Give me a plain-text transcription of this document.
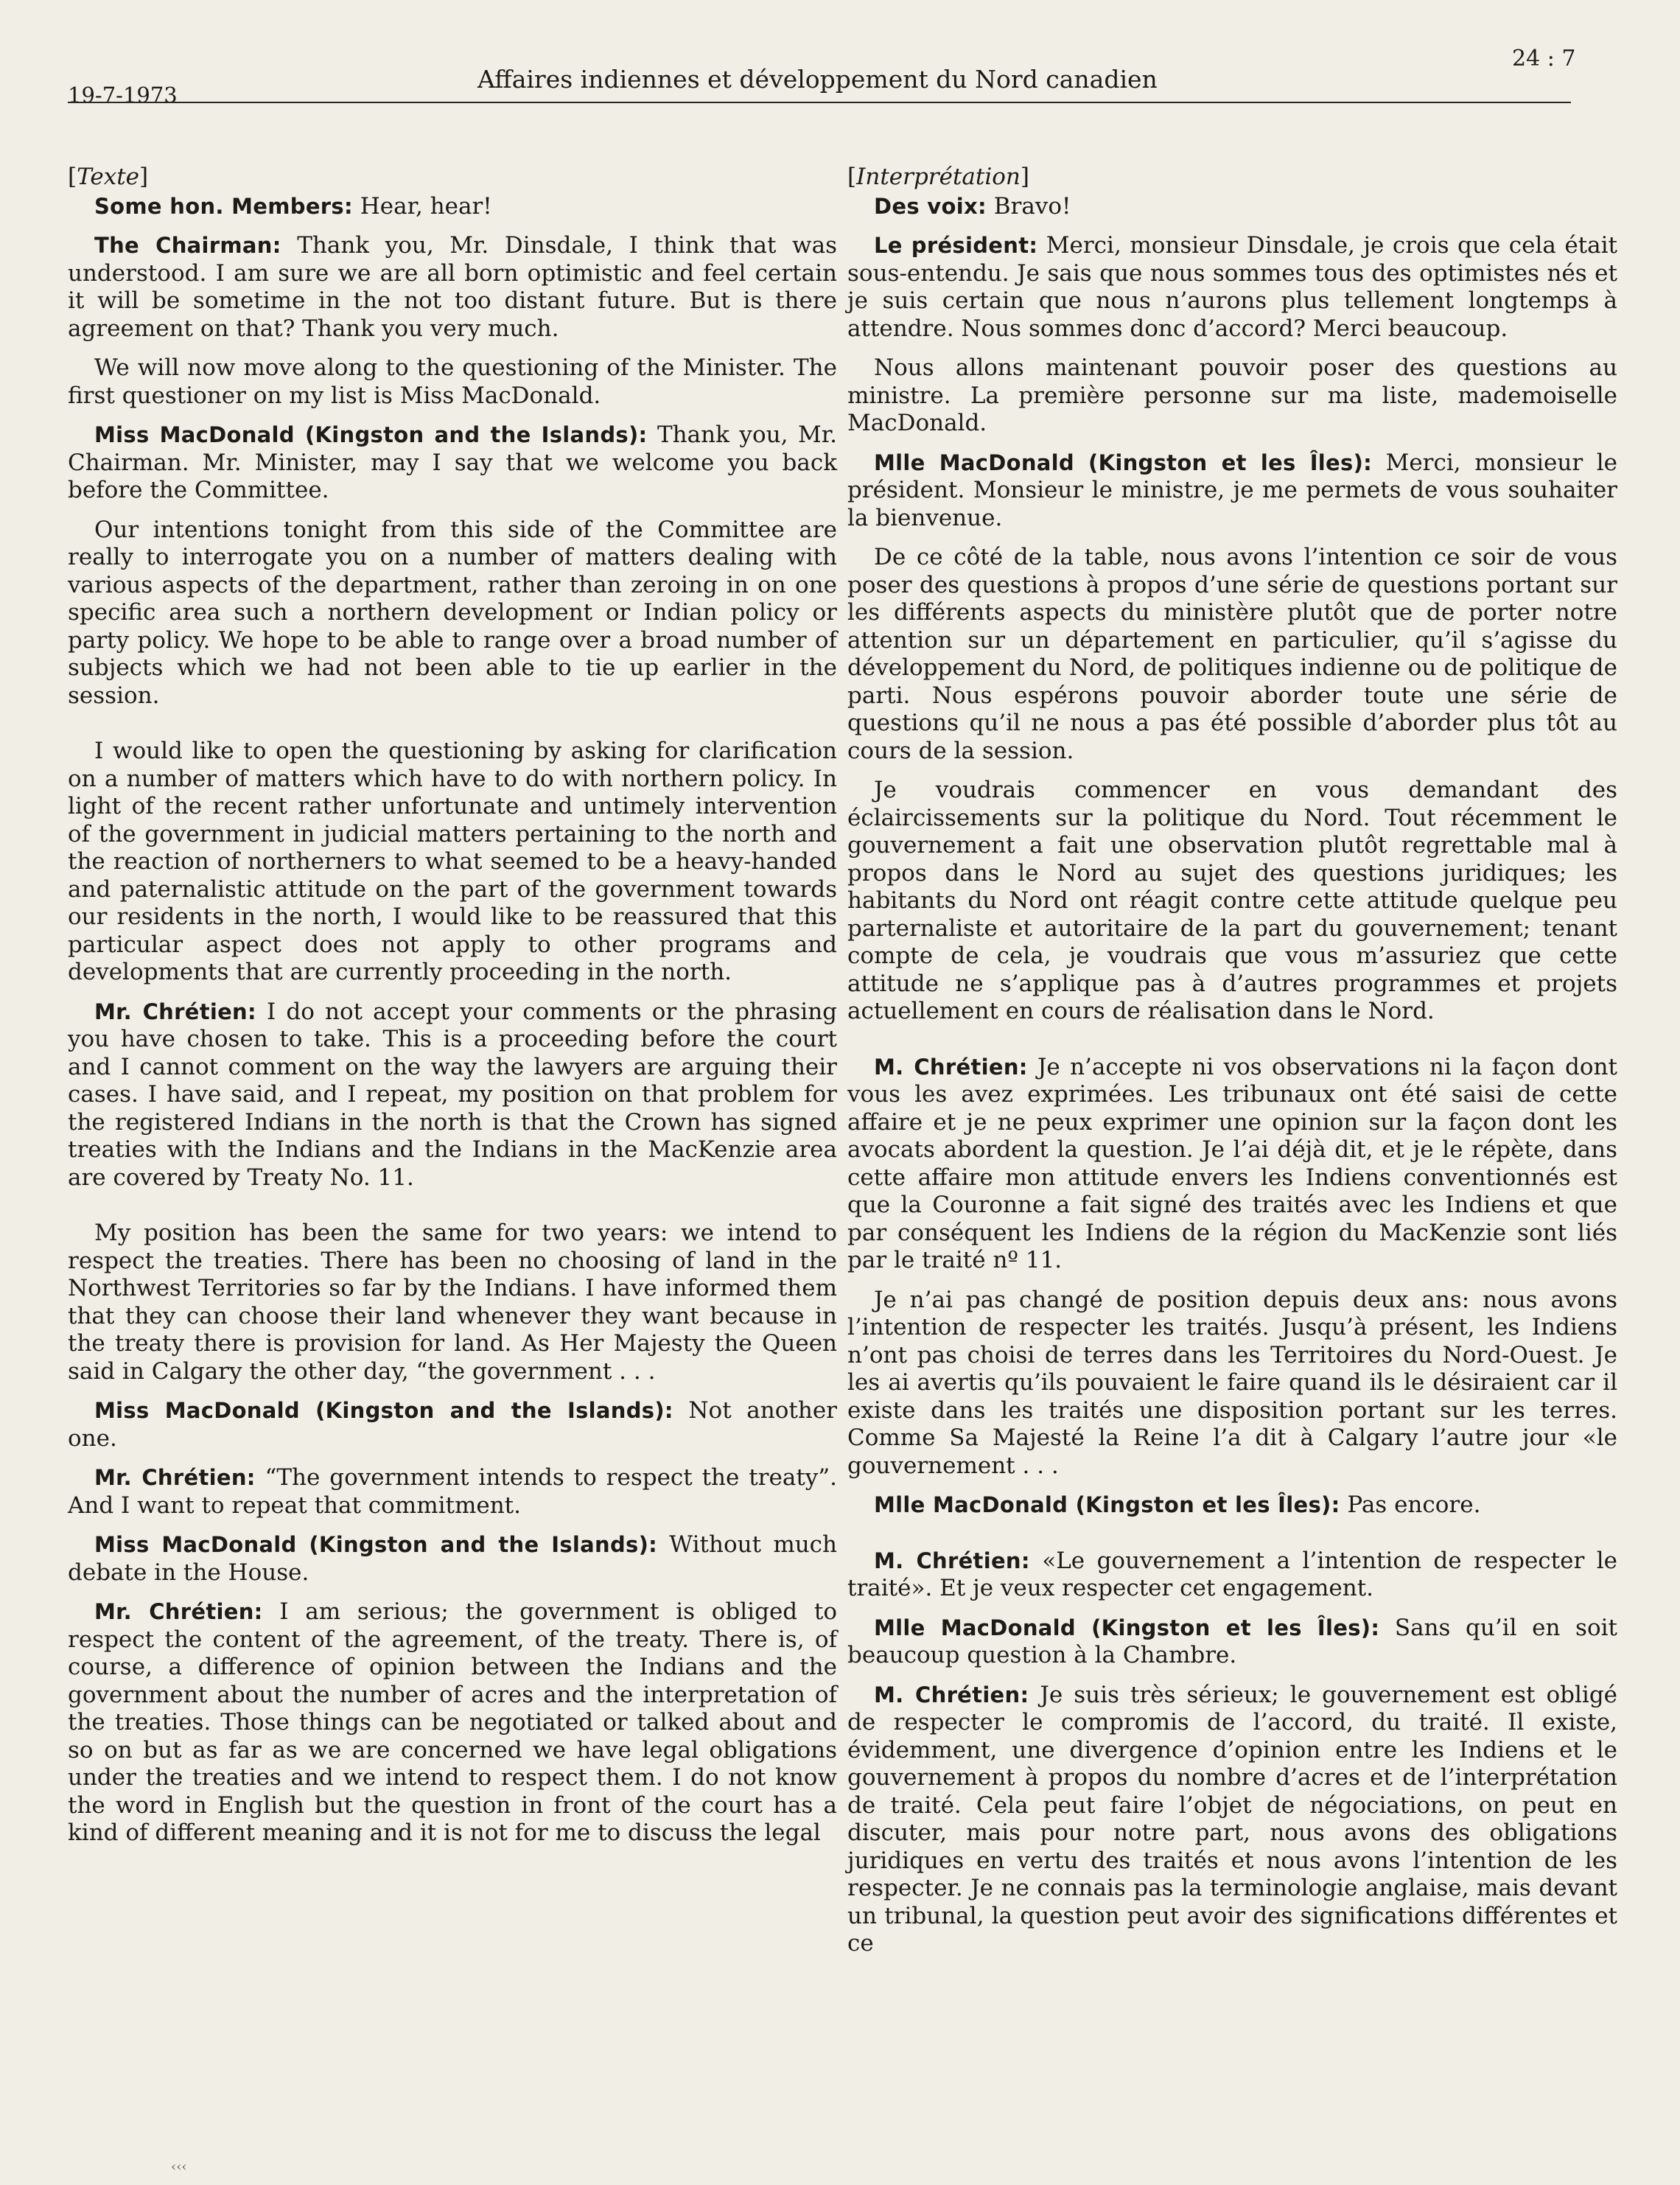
19-7-1973
Affaires indiennes et développement du Nord canadien
24 : 7
[Texte]

Some hon. Members: Hear, hear!

The Chairman: Thank you, Mr. Dinsdale, I think that was understood. I am sure we are all born optimistic and feel certain it will be sometime in the not too distant future. But is there agreement on that? Thank you very much.

We will now move along to the questioning of the Minister. The first questioner on my list is Miss MacDonald.

Miss MacDonald (Kingston and the Islands): Thank you, Mr. Chairman. Mr. Minister, may I say that we welcome you back before the Committee.

Our intentions tonight from this side of the Committee are really to interrogate you on a number of matters dealing with various aspects of the department, rather than zeroing in on one specific area such a northern development or Indian policy or party policy. We hope to be able to range over a broad number of subjects which we had not been able to tie up earlier in the session.

I would like to open the questioning by asking for clarification on a number of matters which have to do with northern policy. In light of the recent rather unfortunate and untimely intervention of the government in judicial matters pertaining to the north and the reaction of northerners to what seemed to be a heavy-handed and paternalistic attitude on the part of the government towards our residents in the north, I would like to be reassured that this particular aspect does not apply to other programs and developments that are currently proceeding in the north.

Mr. Chrétien: I do not accept your comments or the phrasing you have chosen to take. This is a proceeding before the court and I cannot comment on the way the lawyers are arguing their cases. I have said, and I repeat, my position on that problem for the registered Indians in the north is that the Crown has signed treaties with the Indians and the Indians in the MacKenzie area are covered by Treaty No. 11.

My position has been the same for two years: we intend to respect the treaties. There has been no choosing of land in the Northwest Territories so far by the Indians. I have informed them that they can choose their land whenever they want because in the treaty there is provision for land. As Her Majesty the Queen said in Calgary the other day, “the government . . .

Miss MacDonald (Kingston and the Islands): Not another one.

Mr. Chrétien: “The government intends to respect the treaty”. And I want to repeat that commitment.

Miss MacDonald (Kingston and the Islands): Without much debate in the House.

Mr. Chrétien: I am serious; the government is obliged to respect the content of the agreement, of the treaty. There is, of course, a difference of opinion between the Indians and the government about the number of acres and the interpretation of the treaties. Those things can be negotiated or talked about and so on but as far as we are concerned we have legal obligations under the treaties and we intend to respect them. I do not know the word in English but the question in front of the court has a kind of different meaning and it is not for me to discuss the legal

[Interprétation]

Des voix: Bravo!

Le président: Merci, monsieur Dinsdale, je crois que cela était sous-entendu. Je sais que nous sommes tous des optimistes nés et je suis certain que nous n’aurons plus tellement longtemps à attendre. Nous sommes donc d’accord? Merci beaucoup.

Nous allons maintenant pouvoir poser des questions au ministre. La première personne sur ma liste, mademoiselle MacDonald.

Mlle MacDonald (Kingston et les Îles): Merci, monsieur le président. Monsieur le ministre, je me permets de vous souhaiter la bienvenue.

De ce côté de la table, nous avons l’intention ce soir de vous poser des questions à propos d’une série de questions portant sur les différents aspects du ministère plutôt que de porter notre attention sur un département en particulier, qu’il s’agisse du développement du Nord, de politiques indienne ou de politique de parti. Nous espérons pouvoir aborder toute une série de questions qu’il ne nous a pas été possible d’aborder plus tôt au cours de la session.

Je voudrais commencer en vous demandant des éclaircissements sur la politique du Nord. Tout récemment le gouvernement a fait une observation plutôt regrettable mal à propos dans le Nord au sujet des questions juridiques; les habitants du Nord ont réagit contre cette attitude quelque peu parternaliste et autoritaire de la part du gouvernement; tenant compte de cela, je voudrais que vous m’assuriez que cette attitude ne s’applique pas à d’autres programmes et projets actuellement en cours de réalisation dans le Nord.

M. Chrétien: Je n’accepte ni vos observations ni la façon dont vous les avez exprimées. Les tribunaux ont été saisi de cette affaire et je ne peux exprimer une opinion sur la façon dont les avocats abordent la question. Je l’ai déjà dit, et je le répète, dans cette affaire mon attitude envers les Indiens conventionnés est que la Couronne a fait signé des traités avec les Indiens et que par conséquent les Indiens de la région du MacKenzie sont liés par le traité nº 11.

Je n’ai pas changé de position depuis deux ans: nous avons l’intention de respecter les traités. Jusqu’à présent, les Indiens n’ont pas choisi de terres dans les Territoires du Nord-Ouest. Je les ai avertis qu’ils pouvaient le faire quand ils le désiraient car il existe dans les traités une disposition portant sur les terres. Comme Sa Majesté la Reine l’a dit à Calgary l’autre jour «le gouvernement . . .

Mlle MacDonald (Kingston et les Îles): Pas encore.

M. Chrétien: «Le gouvernement a l’intention de respecter le traité». Et je veux respecter cet engagement.

Mlle MacDonald (Kingston et les Îles): Sans qu’il en soit beaucoup question à la Chambre.

M. Chrétien: Je suis très sérieux; le gouvernement est obligé de respecter le compromis de l’accord, du traité. Il existe, évidemment, une divergence d’opinion entre les Indiens et le gouvernement à propos du nombre d’acres et de l’interprétation de traité. Cela peut faire l’objet de négociations, on peut en discuter, mais pour notre part, nous avons des obligations juridiques en vertu des traités et nous avons l’intention de les respecter. Je ne connais pas la terminologie anglaise, mais devant un tribunal, la question peut avoir des significations différentes et ce

‹‹‹
